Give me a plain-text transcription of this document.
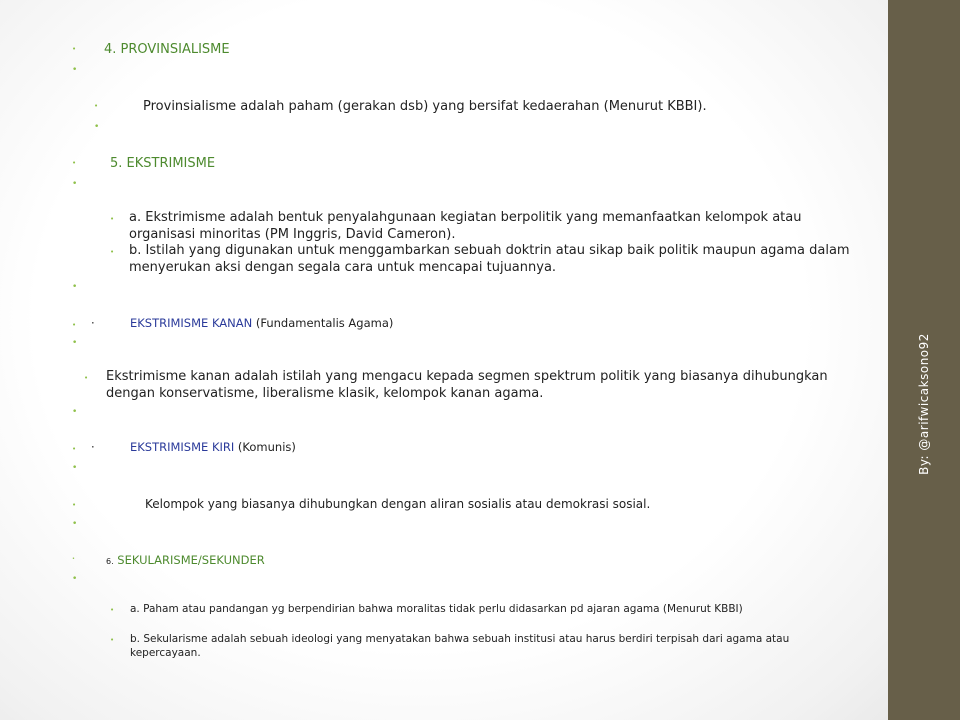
By: @arifwicaksono92
• 4. PROVINSIALISME
•
•	Provinsialisme adalah paham (gerakan dsb) yang bersifat kedaerahan (Menurut KBBI).
•
•	5. EKSTRIMISME
•
• a. Ekstrimisme adalah bentuk penyalahgunaan kegiatan berpolitik yang memanfaatkan kelompok atau organisasi minoritas (PM Inggris, David Cameron).
• b. Istilah yang digunakan untuk menggambarkan sebuah doktrin atau sikap baik politik maupun agama dalam menyerukan aksi dengan segala cara untuk mencapai tujuannya.
•
• ·	EKSTRIMISME KANAN (Fundamentalis Agama)
•
• Ekstrimisme kanan adalah istilah yang mengacu kepada segmen spektrum politik yang biasanya dihubungkan dengan konservatisme, liberalisme klasik, kelompok kanan agama.
•
• ·	EKSTRIMISME KIRI (Komunis)
•
•	Kelompok yang biasanya dihubungkan dengan aliran sosialis atau demokrasi sosial.
•
•	6. SEKULARISME/SEKUNDER
•
• a. Paham atau pandangan yg berpendirian bahwa moralitas tidak perlu didasarkan pd ajaran agama (Menurut KBBI)
• b. Sekularisme adalah sebuah ideologi yang menyatakan bahwa sebuah institusi atau harus berdiri terpisah dari agama atau kepercayaan.
